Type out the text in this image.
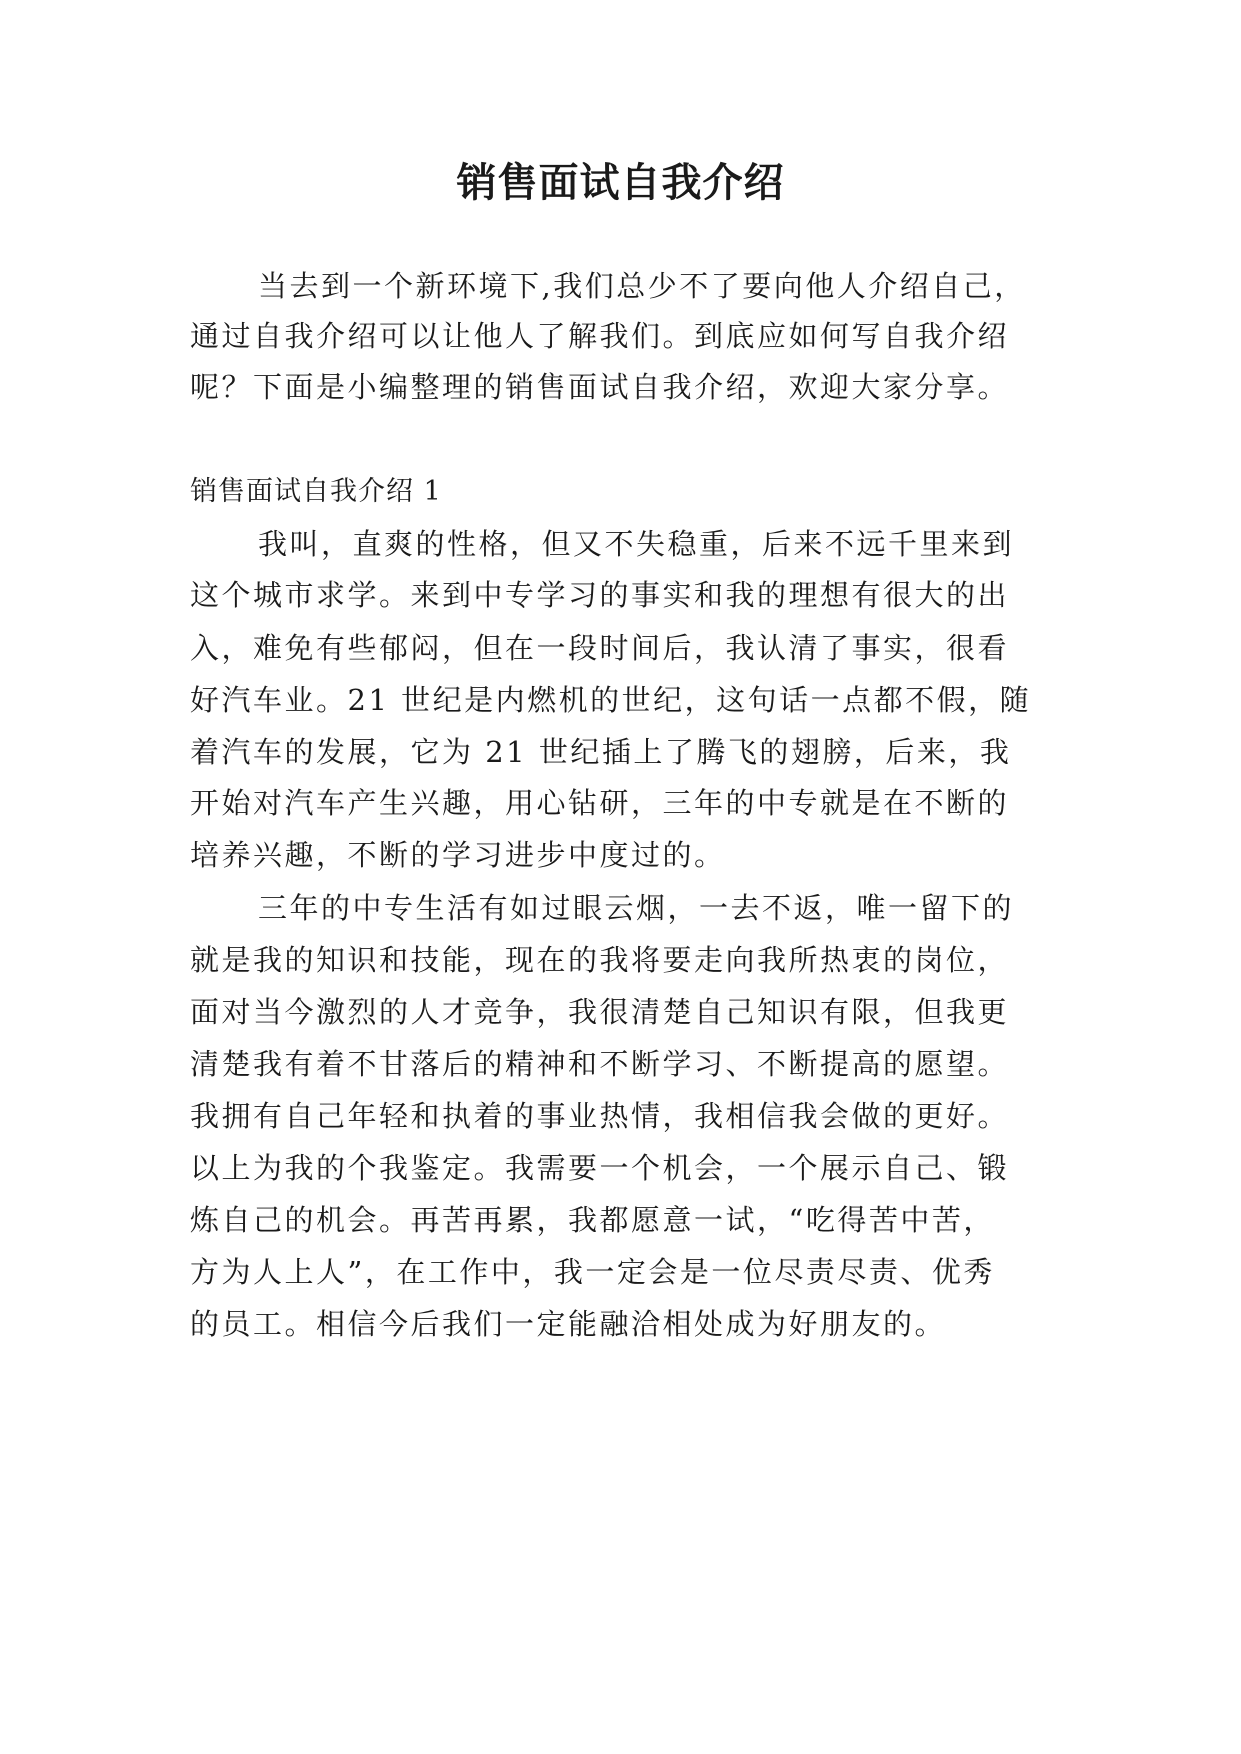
销售面试自我介绍

当去到一个新环境下,我们总少不了要向他人介绍自己，

通过自我介绍可以让他人了解我们。到底应如何写自我介绍

呢？下面是小编整理的销售面试自我介绍，欢迎大家分享。

销售面试自我介绍 1

我叫，直爽的性格，但又不失稳重，后来不远千里来到

这个城市求学。来到中专学习的事实和我的理想有很大的出

入，难免有些郁闷，但在一段时间后，我认清了事实，很看

好汽车业。21 世纪是内燃机的世纪，这句话一点都不假，随

着汽车的发展，它为 21 世纪插上了腾飞的翅膀，后来，我

开始对汽车产生兴趣，用心钻研，三年的中专就是在不断的

培养兴趣，不断的学习进步中度过的。

三年的中专生活有如过眼云烟，一去不返，唯一留下的

就是我的知识和技能，现在的我将要走向我所热衷的岗位，

面对当今激烈的人才竞争，我很清楚自己知识有限，但我更

清楚我有着不甘落后的精神和不断学习、不断提高的愿望。

我拥有自己年轻和执着的事业热情，我相信我会做的更好。

以上为我的个我鉴定。我需要一个机会，一个展示自己、锻

炼自己的机会。再苦再累，我都愿意一试，“吃得苦中苦，

方为人上人”，在工作中，我一定会是一位尽责尽责、优秀

的员工。相信今后我们一定能融洽相处成为好朋友的。
